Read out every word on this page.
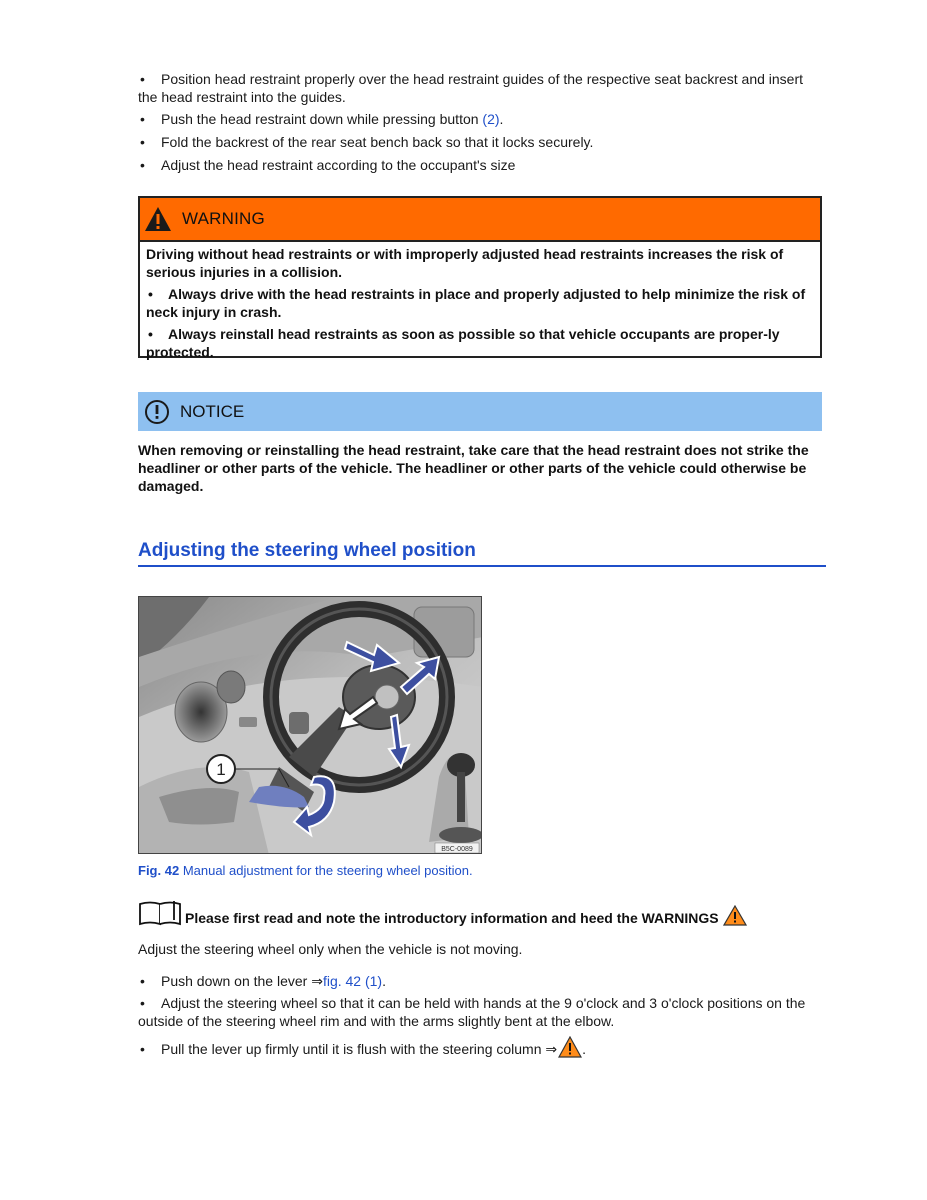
• Position head restraint properly over the head restraint guides of the respective seat backrest and insert the head restraint into the guides.
• Push the head restraint down while pressing button (2).
• Fold the backrest of the rear seat bench back so that it locks securely.
• Adjust the head restraint according to the occupant's size
WARNING

Driving without head restraints or with improperly adjusted head restraints increases the risk of serious injuries in a collision.

• Always drive with the head restraints in place and properly adjusted to help minimize the risk of neck injury in crash.

• Always reinstall head restraints as soon as possible so that vehicle occupants are proper-ly protected.

NOTICE
When removing or reinstalling the head restraint, take care that the head restraint does not strike the headliner or other parts of the vehicle. The headliner or other parts of the vehicle could otherwise be damaged.
Adjusting the steering wheel position
1
B5C-0089
Fig. 42 Manual adjustment for the steering wheel position.
Please first read and note the introductory information and heed the WARNINGS
Adjust the steering wheel only when the vehicle is not moving.
• Push down on the lever ⇒fig. 42 (1).
• Adjust the steering wheel so that it can be held with hands at the 9 o'clock and 3 o'clock positions on the outside of the steering wheel rim and with the arms slightly bent at the elbow.
•	Pull the lever up firmly until it is flush with the steering column ⇒ .
